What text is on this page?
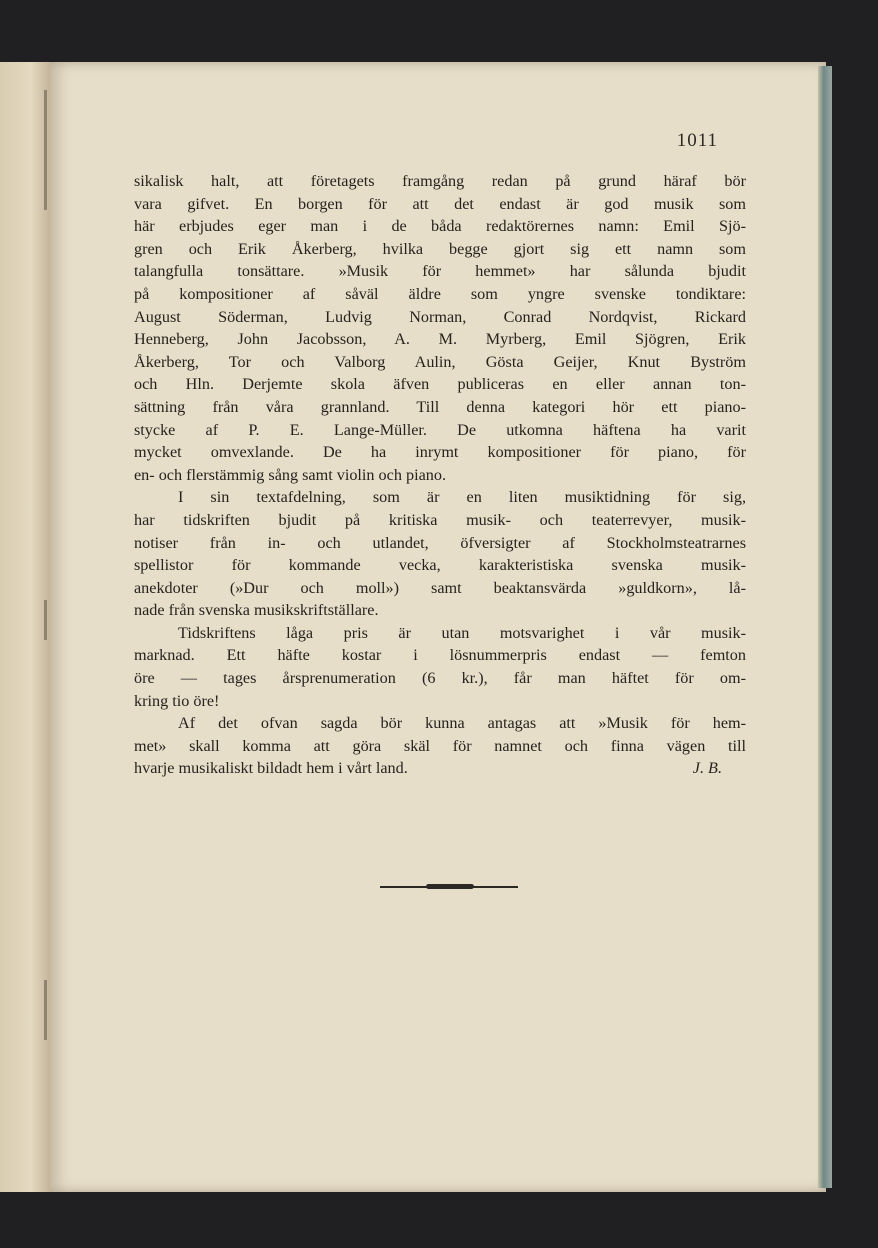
1011
sikalisk halt, att företagets framgång redan på grund häraf bör
vara gifvet. En borgen för att det endast är god musik som
här erbjudes eger man i de båda redaktörernes namn: Emil Sjö-
gren och Erik Åkerberg, hvilka begge gjort sig ett namn som
talangfulla tonsättare. »Musik för hemmet» har sålunda bjudit
på kompositioner af såväl äldre som yngre svenske tondiktare:
August Söderman, Ludvig Norman, Conrad Nordqvist, Rickard
Henneberg, John Jacobsson, A. M. Myrberg, Emil Sjögren, Erik
Åkerberg, Tor och Valborg Aulin, Gösta Geijer, Knut Byström
och Hln. Derjemte skola äfven publiceras en eller annan ton-
sättning från våra grannland. Till denna kategori hör ett piano-
stycke af P. E. Lange-Müller. De utkomna häftena ha varit
mycket omvexlande. De ha inrymt kompositioner för piano, för
en- och flerstämmig sång samt violin och piano.
I sin textafdelning, som är en liten musiktidning för sig,
har tidskriften bjudit på kritiska musik- och teaterrevyer, musik-
notiser från in- och utlandet, öfversigter af Stockholmsteatrarnes
spellistor för kommande vecka, karakteristiska svenska musik-
anekdoter (»Dur och moll») samt beaktansvärda »guldkorn», lå-
nade från svenska musikskriftställare.
Tidskriftens låga pris är utan motsvarighet i vår musik-
marknad. Ett häfte kostar i lösnummerpris endast — femton
öre — tages årsprenumeration (6 kr.), får man häftet för om-
kring tio öre!
Af det ofvan sagda bör kunna antagas att »Musik för hem-
met» skall komma att göra skäl för namnet och finna vägen till
hvarje musikaliskt bildadt hem i vårt land.	J. B.
